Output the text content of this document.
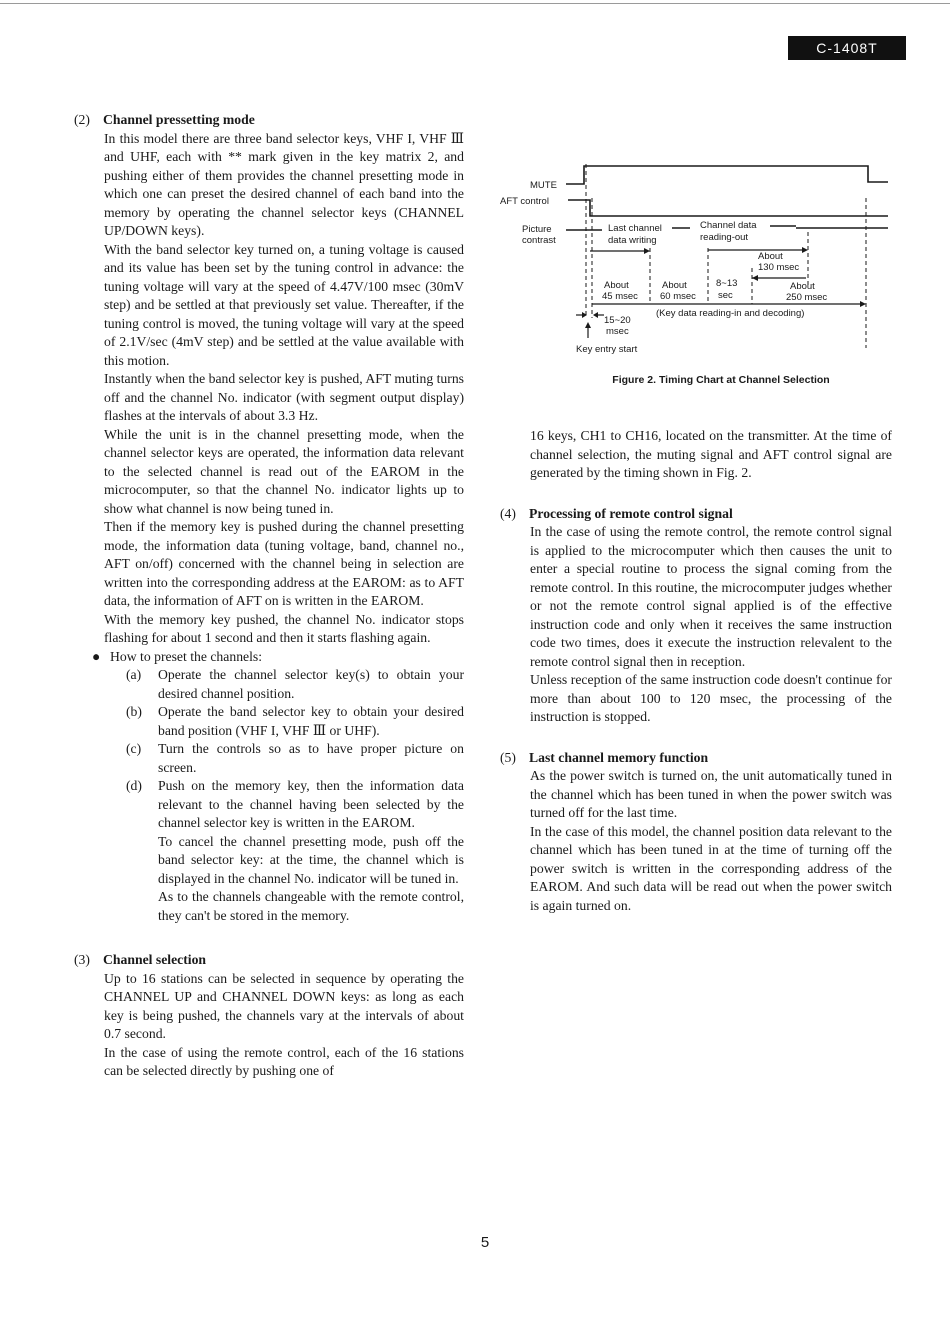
C-1408T

(2) Channel pressetting mode

In this model there are three band selector keys, VHF I, VHF Ⅲ and UHF, each with ** mark given in the key matrix 2, and pushing either of them provides the channel presetting mode in which one can preset the desired channel of each band into the memory by operating the channel selector keys (CHANNEL UP/DOWN keys).

With the band selector key turned on, a tuning voltage is caused and its value has been set by the tuning control in advance: the tuning voltage will vary at the speed of 4.47V/100 msec (30mV step) and be settled at that previously set value. Thereafter, if the tuning control is moved, the tuning voltage will vary at the speed of 2.1V/sec (4mV step) and be settled at the value available with this motion.

Instantly when the band selector key is pushed, AFT muting turns off and the channel No. indicator (with segment output display) flashes at the intervals of about 3.3 Hz.

While the unit is in the channel presetting mode, when the channel selector keys are operated, the information data relevant to the selected channel is read out of the EAROM in the microcomputer, so that the channel No. indicator lights up to show what channel is now being tuned in.

Then if the memory key is pushed during the channel presetting mode, the information data (tuning voltage, band, channel no., AFT on/off) concerned with the channel being in selection are written into the corresponding address at the EAROM: as to AFT data, the information of AFT on is written in the EAROM.

With the memory key pushed, the channel No. indicator stops flashing for about 1 second and then it starts flashing again.

● How to preset the channels:
(a) Operate the channel selector key(s) to obtain your desired channel position.
(b) Operate the band selector key to obtain your desired band position (VHF I, VHF Ⅲ or UHF).
(c) Turn the controls so as to have proper picture on screen.
(d) Push on the memory key, then the information data relevant to the channel having been selected by the channel selector key is written in the EAROM.
To cancel the channel presetting mode, push off the band selector key: at the time, the channel which is displayed in the channel No. indicator will be tuned in.
As to the channels changeable with the remote control, they can't be stored in the memory.

(3) Channel selection

Up to 16 stations can be selected in sequence by operating the CHANNEL UP and CHANNEL DOWN keys: as long as each key is being pushed, the channels vary at the intervals of about 0.7 second.

In the case of using the remote control, each of the 16 stations can be selected directly by pushing one of

MUTE
AFT control
Picture
contrast
Last channel
data writing
Channel data
reading-out
About
45 msec
About
60 msec
8~13
sec
About
130 msec
About
250 msec
15~20
msec
(Key data reading-in and decoding)
Key entry start
Figure 2. Timing Chart at Channel Selection

16 keys, CH1 to CH16, located on the transmitter. At the time of channel selection, the muting signal and AFT control signal are generated by the timing shown in Fig. 2.

(4) Processing of remote control signal

In the case of using the remote control, the remote control signal is applied to the microcomputer which then causes the unit to enter a special routine to process the signal coming from the remote control. In this routine, the microcomputer judges whether or not the remote control signal applied is of the effective instruction code and only when it receives the same instruction code two times, does it execute the instruction relevalent to the remote control signal then in reception.

Unless reception of the same instruction code doesn't continue for more than about 100 to 120 msec, the processing of the instruction is stopped.

(5) Last channel memory function

As the power switch is turned on, the unit automatically tuned in the channel which has been tuned in when the power switch was turned off for the last time.

In the case of this model, the channel position data relevant to the channel which has been tuned in at the time of turning off the power switch is written in the corresponding address of the EAROM. And such data will be read out when the power switch is again turned on.

5
